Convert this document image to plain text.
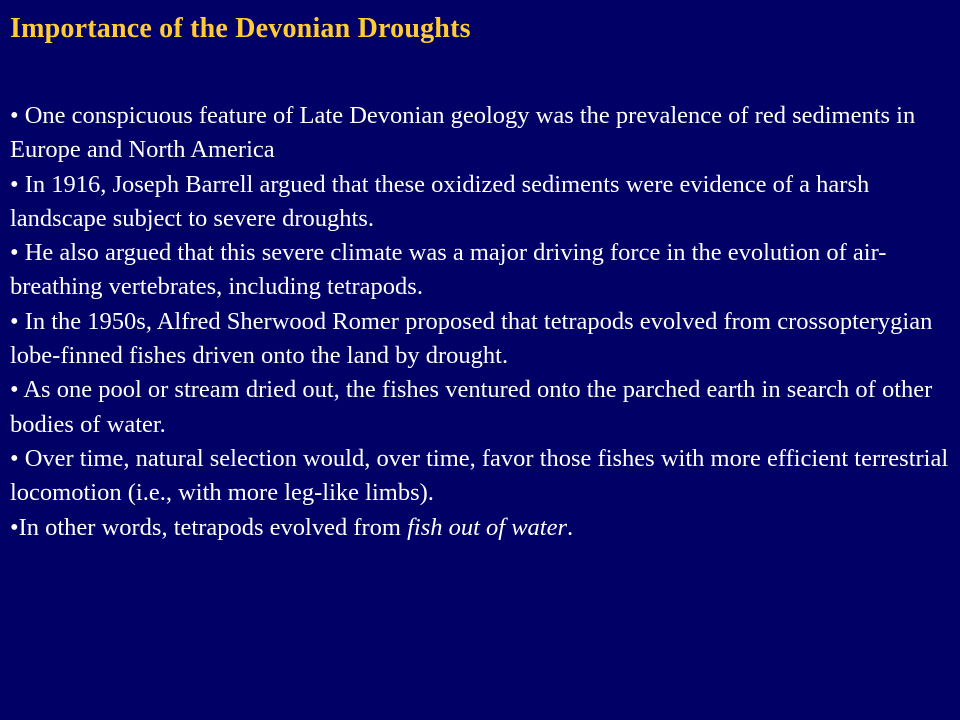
Importance of the Devonian Droughts

• One conspicuous feature of Late Devonian geology was the prevalence of red sediments in Europe and North America

• In 1916, Joseph Barrell argued that these oxidized sediments were evidence of a harsh landscape subject to severe droughts.

• He also argued that this severe climate was a major driving force in the evolution of air-breathing vertebrates, including tetrapods.

• In the 1950s, Alfred Sherwood Romer proposed that tetrapods evolved from crossopterygian lobe-finned fishes driven onto the land by drought.

• As one pool or stream dried out, the fishes ventured onto the parched earth in search of other bodies of water.

• Over time, natural selection would, over time, favor those fishes with more efficient terrestrial locomotion (i.e., with more leg-like limbs).

•In other words, tetrapods evolved from fish out of water.
